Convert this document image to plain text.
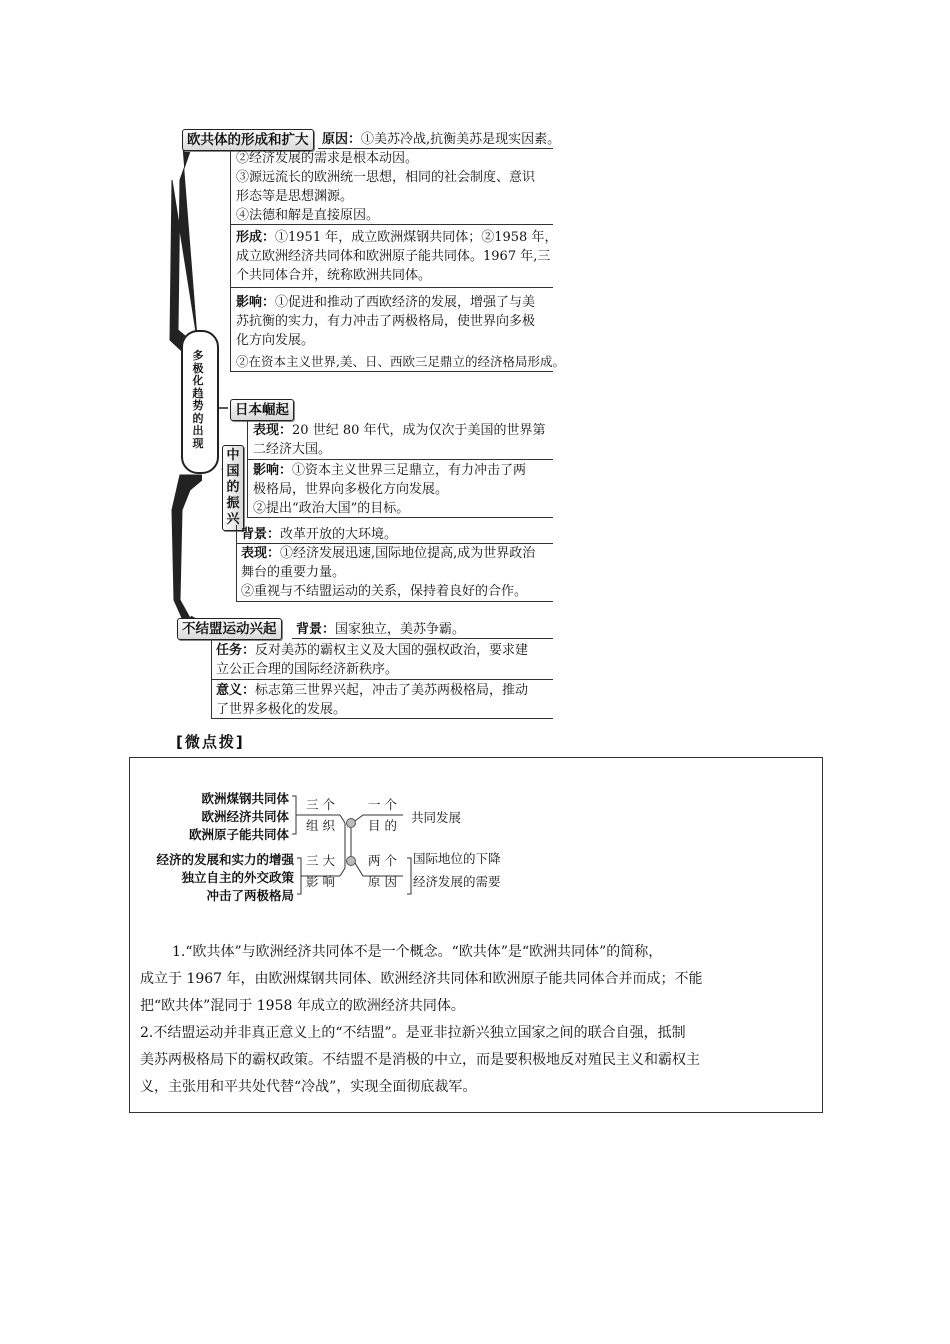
多
极
化
趋
势
的
出
现
欧共体的形成和扩大	原因：①美苏冷战,抗衡美苏是现实因素。
②经济发展的需求是根本动因。
③源远流长的欧洲统一思想，相同的社会制度、意识
形态等是思想渊源。
④法德和解是直接原因。
形成：①1951 年，成立欧洲煤钢共同体；②1958 年，
成立欧洲经济共同体和欧洲原子能共同体。1967 年,三
个共同体合并，统称欧洲共同体。
影响：①促进和推动了西欧经济的发展，增强了与美
苏抗衡的实力，有力冲击了两极格局，使世界向多极
化方向发展。
②在资本主义世界,美、日、西欧三足鼎立的经济格局形成。
日本崛起
表现：20 世纪 80 年代，成为仅次于美国的世界第
二经济大国。
影响：①资本主义世界三足鼎立，有力冲击了两
极格局，世界向多极化方向发展。
②提出“政治大国”的目标。
中
国
的
振
兴
背景：改革开放的大环境。
表现：①经济发展迅速,国际地位提高,成为世界政治
舞台的重要力量。
②重视与不结盟运动的关系，保持着良好的合作。
不结盟运动兴起	背景：国家独立，美苏争霸。
任务：反对美苏的霸权主义及大国的强权政治，要求建
立公正合理的国际经济新秩序。
意义：标志第三世界兴起，冲击了美苏两极格局，推动
了世界多极化的发展。
[微点拨]
欧洲煤钢共同体
欧洲经济共同体
欧洲原子能共同体
经济的发展和实力的增强
独立自主的外交政策
冲击了两极格局
三 个
组 织
三 大
影 响
一 个
目 的
两 个
原 因
共同发展
国际地位的下降
经济发展的需要
1.“欧共体”与欧洲经济共同体不是一个概念。“欧共体”是“欧洲共同体”的简称，
成立于 1967 年，由欧洲煤钢共同体、欧洲经济共同体和欧洲原子能共同体合并而成；不能
把“欧共体”混同于 1958 年成立的欧洲经济共同体。
2.不结盟运动并非真正意义上的“不结盟”。是亚非拉新兴独立国家之间的联合自强，抵制
美苏两极格局下的霸权政策。不结盟不是消极的中立，而是要积极地反对殖民主义和霸权主
义，主张用和平共处代替“冷战”，实现全面彻底裁军。
